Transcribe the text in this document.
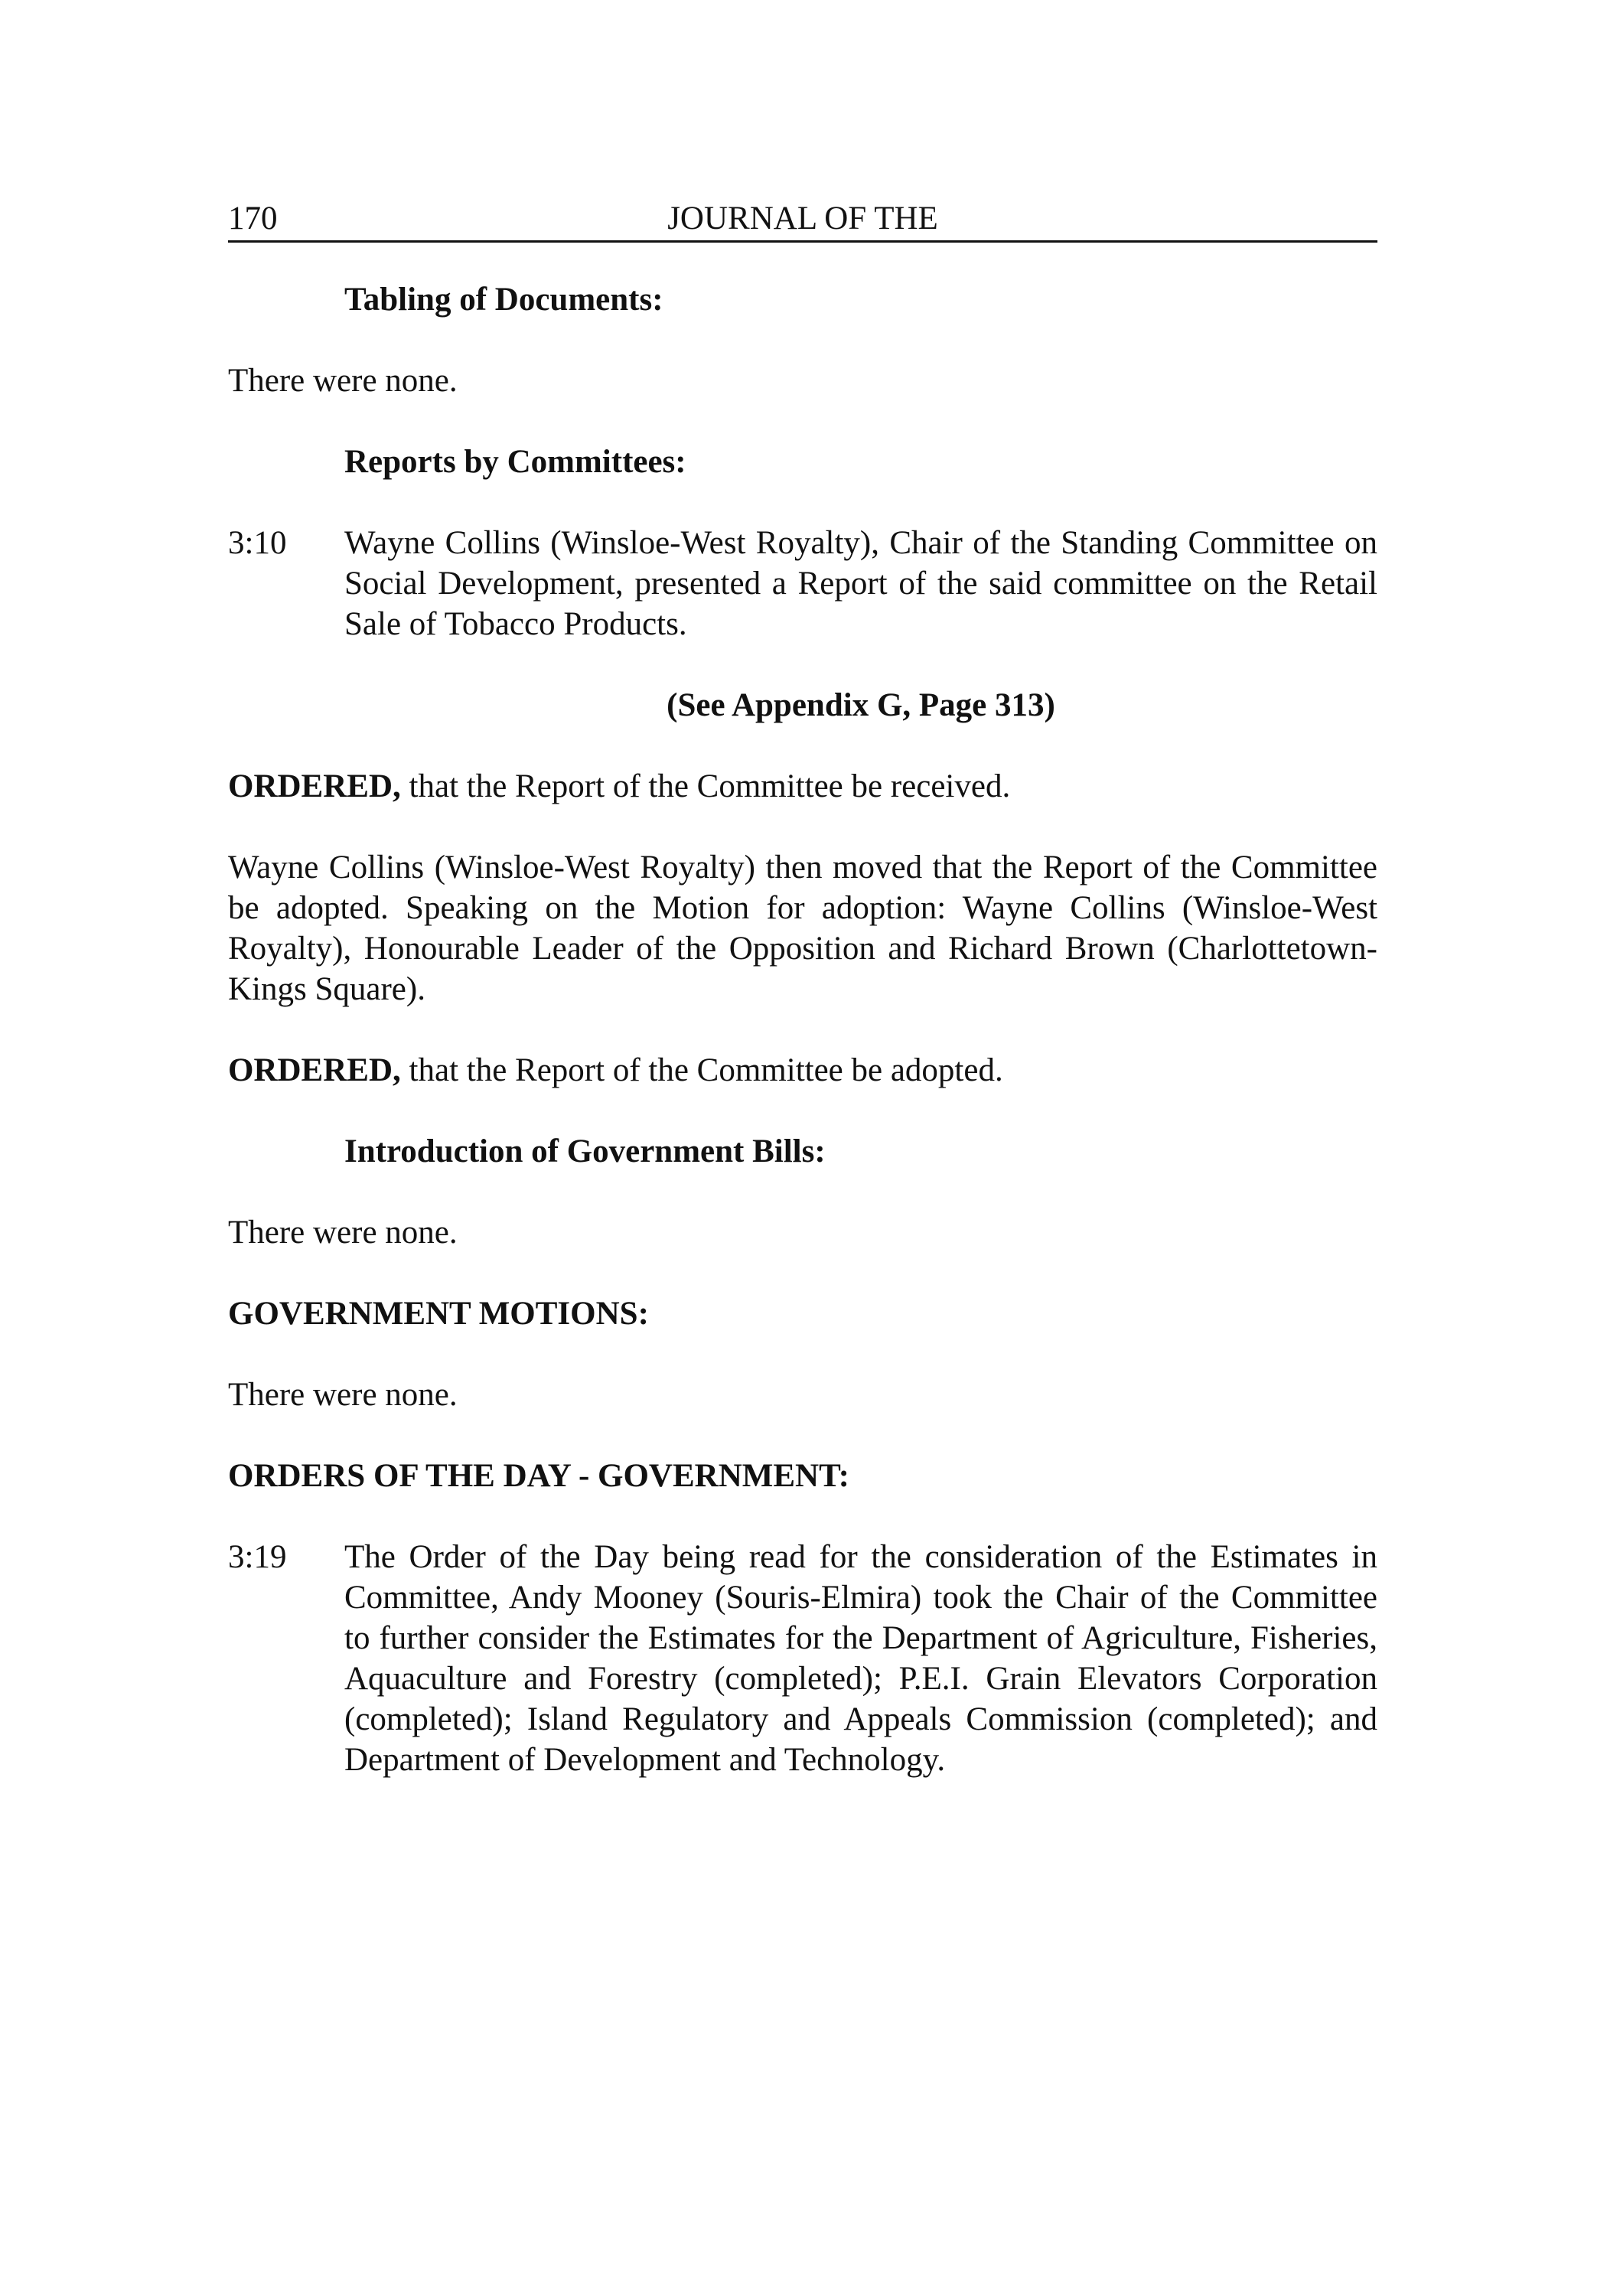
170	JOURNAL OF THE

Tabling of Documents:

There were none.

Reports by Committees:

3:10	Wayne Collins (Winsloe-West Royalty), Chair of the Standing Committee on Social Development, presented a Report of the said committee on the Retail Sale of Tobacco Products.

(See Appendix G, Page 313)

ORDERED, that the Report of the Committee be received.

Wayne Collins (Winsloe-West Royalty) then moved that the Report of the Committee be adopted. Speaking on the Motion for adoption: Wayne Collins (Winsloe-West Royalty), Honourable Leader of the Opposition and Richard Brown (Charlottetown-Kings Square).

ORDERED, that the Report of the Committee be adopted.

Introduction of Government Bills:

There were none.

GOVERNMENT MOTIONS:

There were none.

ORDERS OF THE DAY - GOVERNMENT:

3:19	The Order of the Day being read for the consideration of the Estimates in Committee, Andy Mooney (Souris-Elmira) took the Chair of the Committee to further consider the Estimates for the Department of Agriculture, Fisheries, Aquaculture and Forestry (completed); P.E.I. Grain Elevators Corporation (completed); Island Regulatory and Appeals Commission (completed); and Department of Development and Technology.
